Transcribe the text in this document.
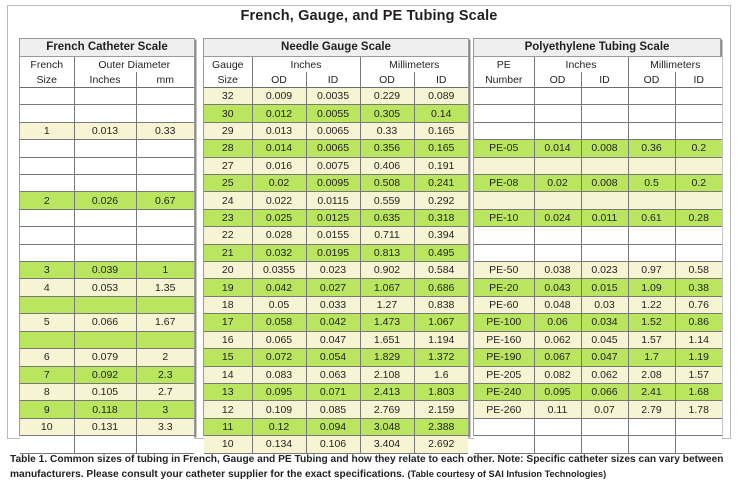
French, Gauge, and PE Tubing Scale
French Catheter Scale
French	Outer Diameter	
Size	Inches	mm

1	0.013	0.33

2	0.026	0.67

3	0.039	1
4	0.053	1.35

5	0.066	1.67

6	0.079	2
7	0.092	2.3
8	0.105	2.7
9	0.118	3
10	0.131	3.3

Needle Gauge Scale
Gauge	Inches		Millimeters	
Size	OD	ID	OD	ID
32	0.009	0.0035	0.229	0.089
30	0.012	0.0055	0.305	0.14
29	0.013	0.0065	0.33	0.165
28	0.014	0.0065	0.356	0.165
27	0.016	0.0075	0.406	0.191
25	0.02	0.0095	0.508	0.241
24	0.022	0.0115	0.559	0.292
23	0.025	0.0125	0.635	0.318
22	0.028	0.0155	0.711	0.394
21	0.032	0.0195	0.813	0.495
20	0.0355	0.023	0.902	0.584
19	0.042	0.027	1.067	0.686
18	0.05	0.033	1.27	0.838
17	0.058	0.042	1.473	1.067
16	0.065	0.047	1.651	1.194
15	0.072	0.054	1.829	1.372
14	0.083	0.063	2.108	1.6
13	0.095	0.071	2.413	1.803
12	0.109	0.085	2.769	2.159
11	0.12	0.094	3.048	2.388
10	0.134	0.106	3.404	2.692
Polyethylene Tubing Scale
PE	Inches		Millimeters	
Number	OD	ID	OD	ID

PE-05	0.014	0.008	0.36	0.2

PE-08	0.02	0.008	0.5	0.2

PE-10	0.024	0.011	0.61	0.28

PE-50	0.038	0.023	0.97	0.58
PE-20	0.043	0.015	1.09	0.38
PE-60	0.048	0.03	1.22	0.76
PE-100	0.06	0.034	1.52	0.86
PE-160	0.062	0.045	1.57	1.14
PE-190	0.067	0.047	1.7	1.19
PE-205	0.082	0.062	2.08	1.57
PE-240	0.095	0.066	2.41	1.68
PE-260	0.11	0.07	2.79	1.78

Table 1. Common sizes of tubing in French, Gauge and PE Tubing and how they relate to each other. Note: Specific catheter sizes can vary between manufacturers. Please consult your catheter supplier for the exact specifications. (Table courtesy of SAI Infusion Technologies)
